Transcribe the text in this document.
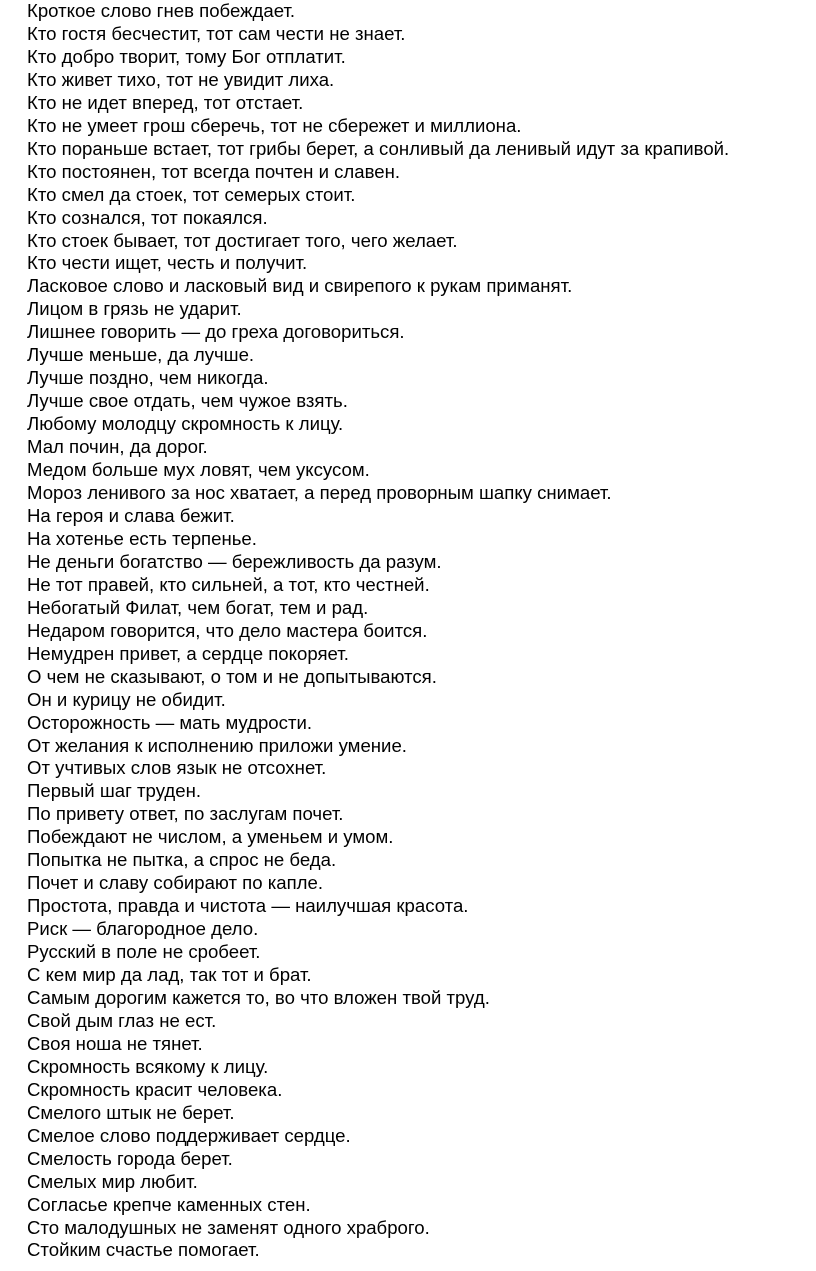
Кроткое слово гнев побеждает.
Кто гостя бесчестит, тот сам чести не знает.
Кто добро творит, тому Бог отплатит.
Кто живет тихо, тот не увидит лиха.
Кто не идет вперед, тот отстает.
Кто не умеет грош сберечь, тот не сбережет и миллиона.
Кто пораньше встает, тот грибы берет, а сонливый да ленивый идут за крапивой.
Кто постоянен, тот всегда почтен и славен.
Кто смел да стоек, тот семерых стоит.
Кто сознался, тот покаялся.
Кто стоек бывает, тот достигает того, чего желает.
Кто чести ищет, честь и получит.
Ласковое слово и ласковый вид и свирепого к рукам приманят.
Лицом в грязь не ударит.
Лишнее говорить — до греха договориться.
Лучше меньше, да лучше.
Лучше поздно, чем никогда.
Лучше свое отдать, чем чужое взять.
Любому молодцу скромность к лицу.
Мал почин, да дорог.
Медом больше мух ловят, чем уксусом.
Мороз ленивого за нос хватает, а перед проворным шапку снимает.
На героя и слава бежит.
На хотенье есть терпенье.
Не деньги богатство — бережливость да разум.
Не тот правей, кто сильней, а тот, кто честней.
Небогатый Филат, чем богат, тем и рад.
Недаром говорится, что дело мастера боится.
Немудрен привет, а сердце покоряет.
О чем не сказывают, о том и не допытываются.
Он и курицу не обидит.
Осторожность — мать мудрости.
От желания к исполнению приложи умение.
От учтивых слов язык не отсохнет.
Первый шаг труден.
По привету ответ, по заслугам почет.
Побеждают не числом, а уменьем и умом.
Попытка не пытка, а спрос не беда.
Почет и славу собирают по капле.
Простота, правда и чистота — наилучшая красота.
Риск — благородное дело.
Русский в поле не сробеет.
С кем мир да лад, так тот и брат.
Самым дорогим кажется то, во что вложен твой труд.
Свой дым глаз не ест.
Своя ноша не тянет.
Скромность всякому к лицу.
Скромность красит человека.
Смелого штык не берет.
Смелое слово поддерживает сердце.
Смелость города берет.
Смелых мир любит.
Согласье крепче каменных стен.
Сто малодушных не заменят одного храброго.
Стойким счастье помогает.
